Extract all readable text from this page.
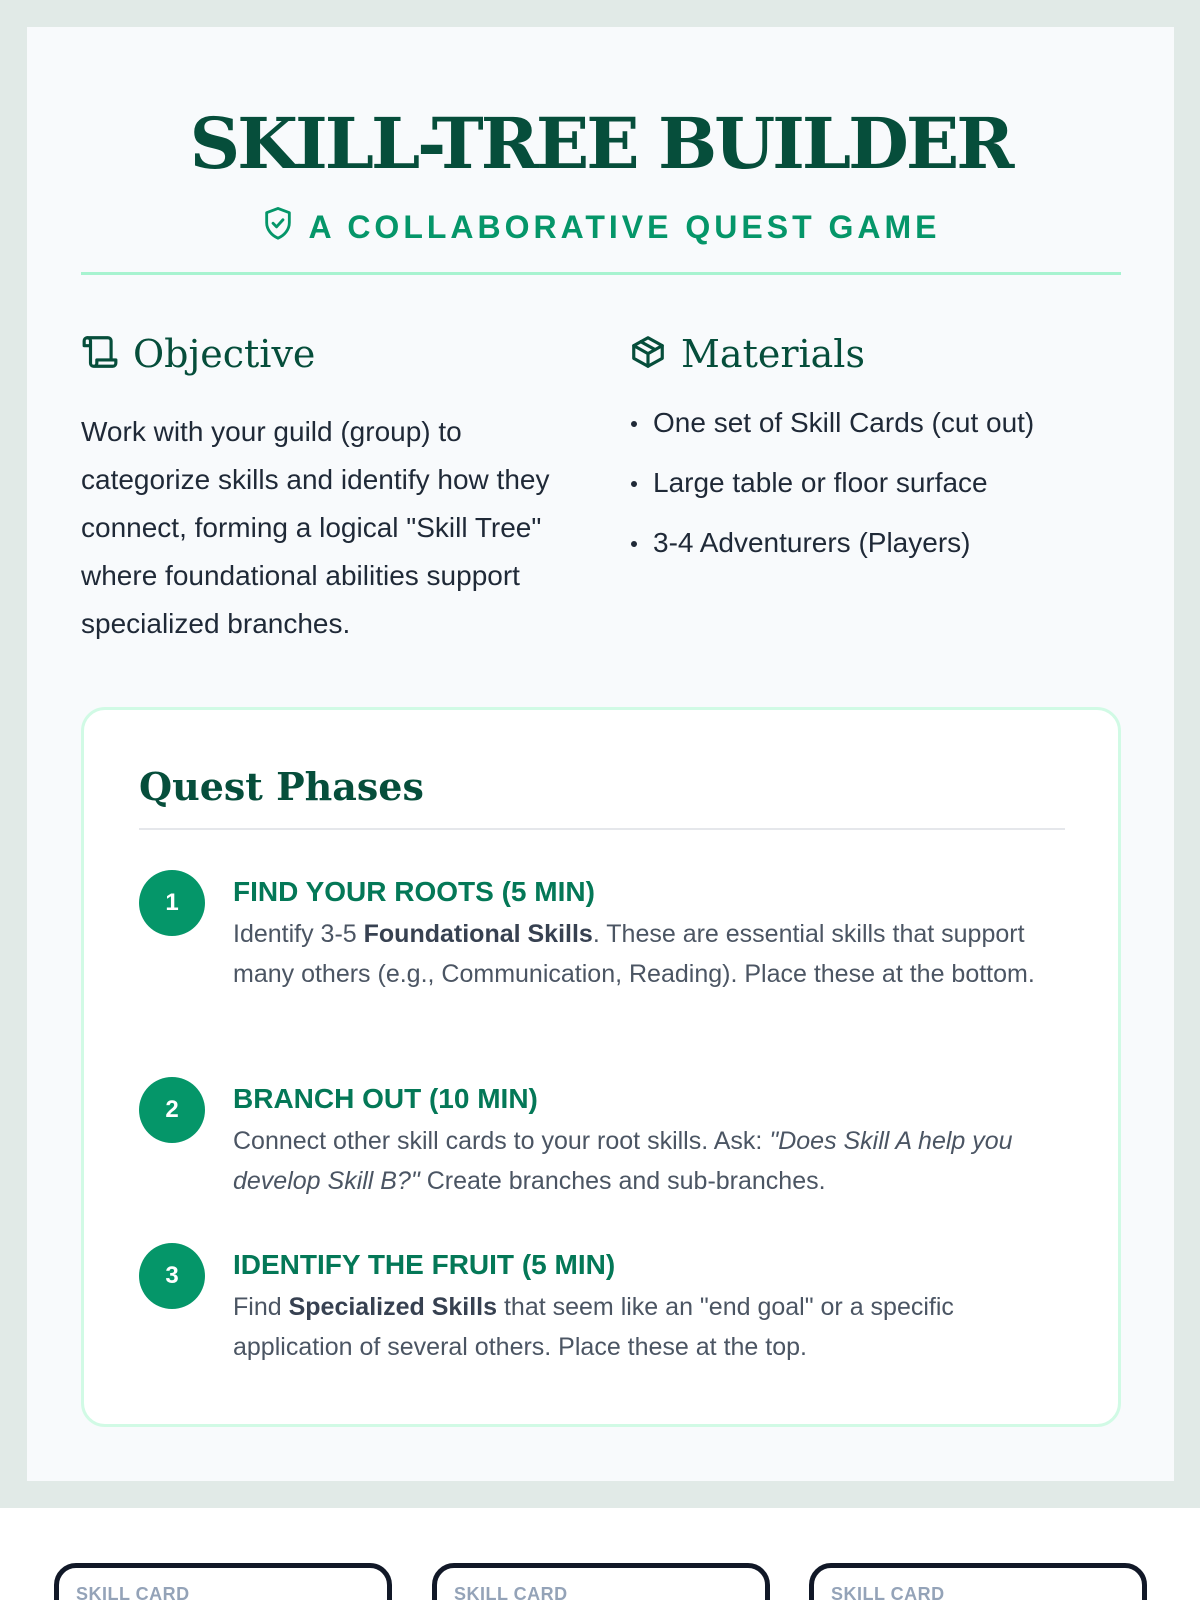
SKILL-TREE BUILDER
A COLLABORATIVE QUEST GAME
Objective

Work with your guild (group) to categorize skills and identify how they connect, forming a logical "Skill Tree" where foundational abilities support specialized branches.

Materials
One set of Skill Cards (cut out)
Large table or floor surface
3-4 Adventurers (Players)
Quest Phases
1	FIND YOUR ROOTS (5 MIN)

Identify 3-5 Foundational Skills. These are essential skills that support many others (e.g., Communication, Reading). Place these at the bottom.

2	BRANCH OUT (10 MIN)

Connect other skill cards to your root skills. Ask: "Does Skill A help you develop Skill B?" Create branches and sub-branches.

3	IDENTIFY THE FRUIT (5 MIN)

Find Specialized Skills that seem like an "end goal" or a specific application of several others. Place these at the top.

SKILL CARD	SKILL CARD	SKILL CARD
